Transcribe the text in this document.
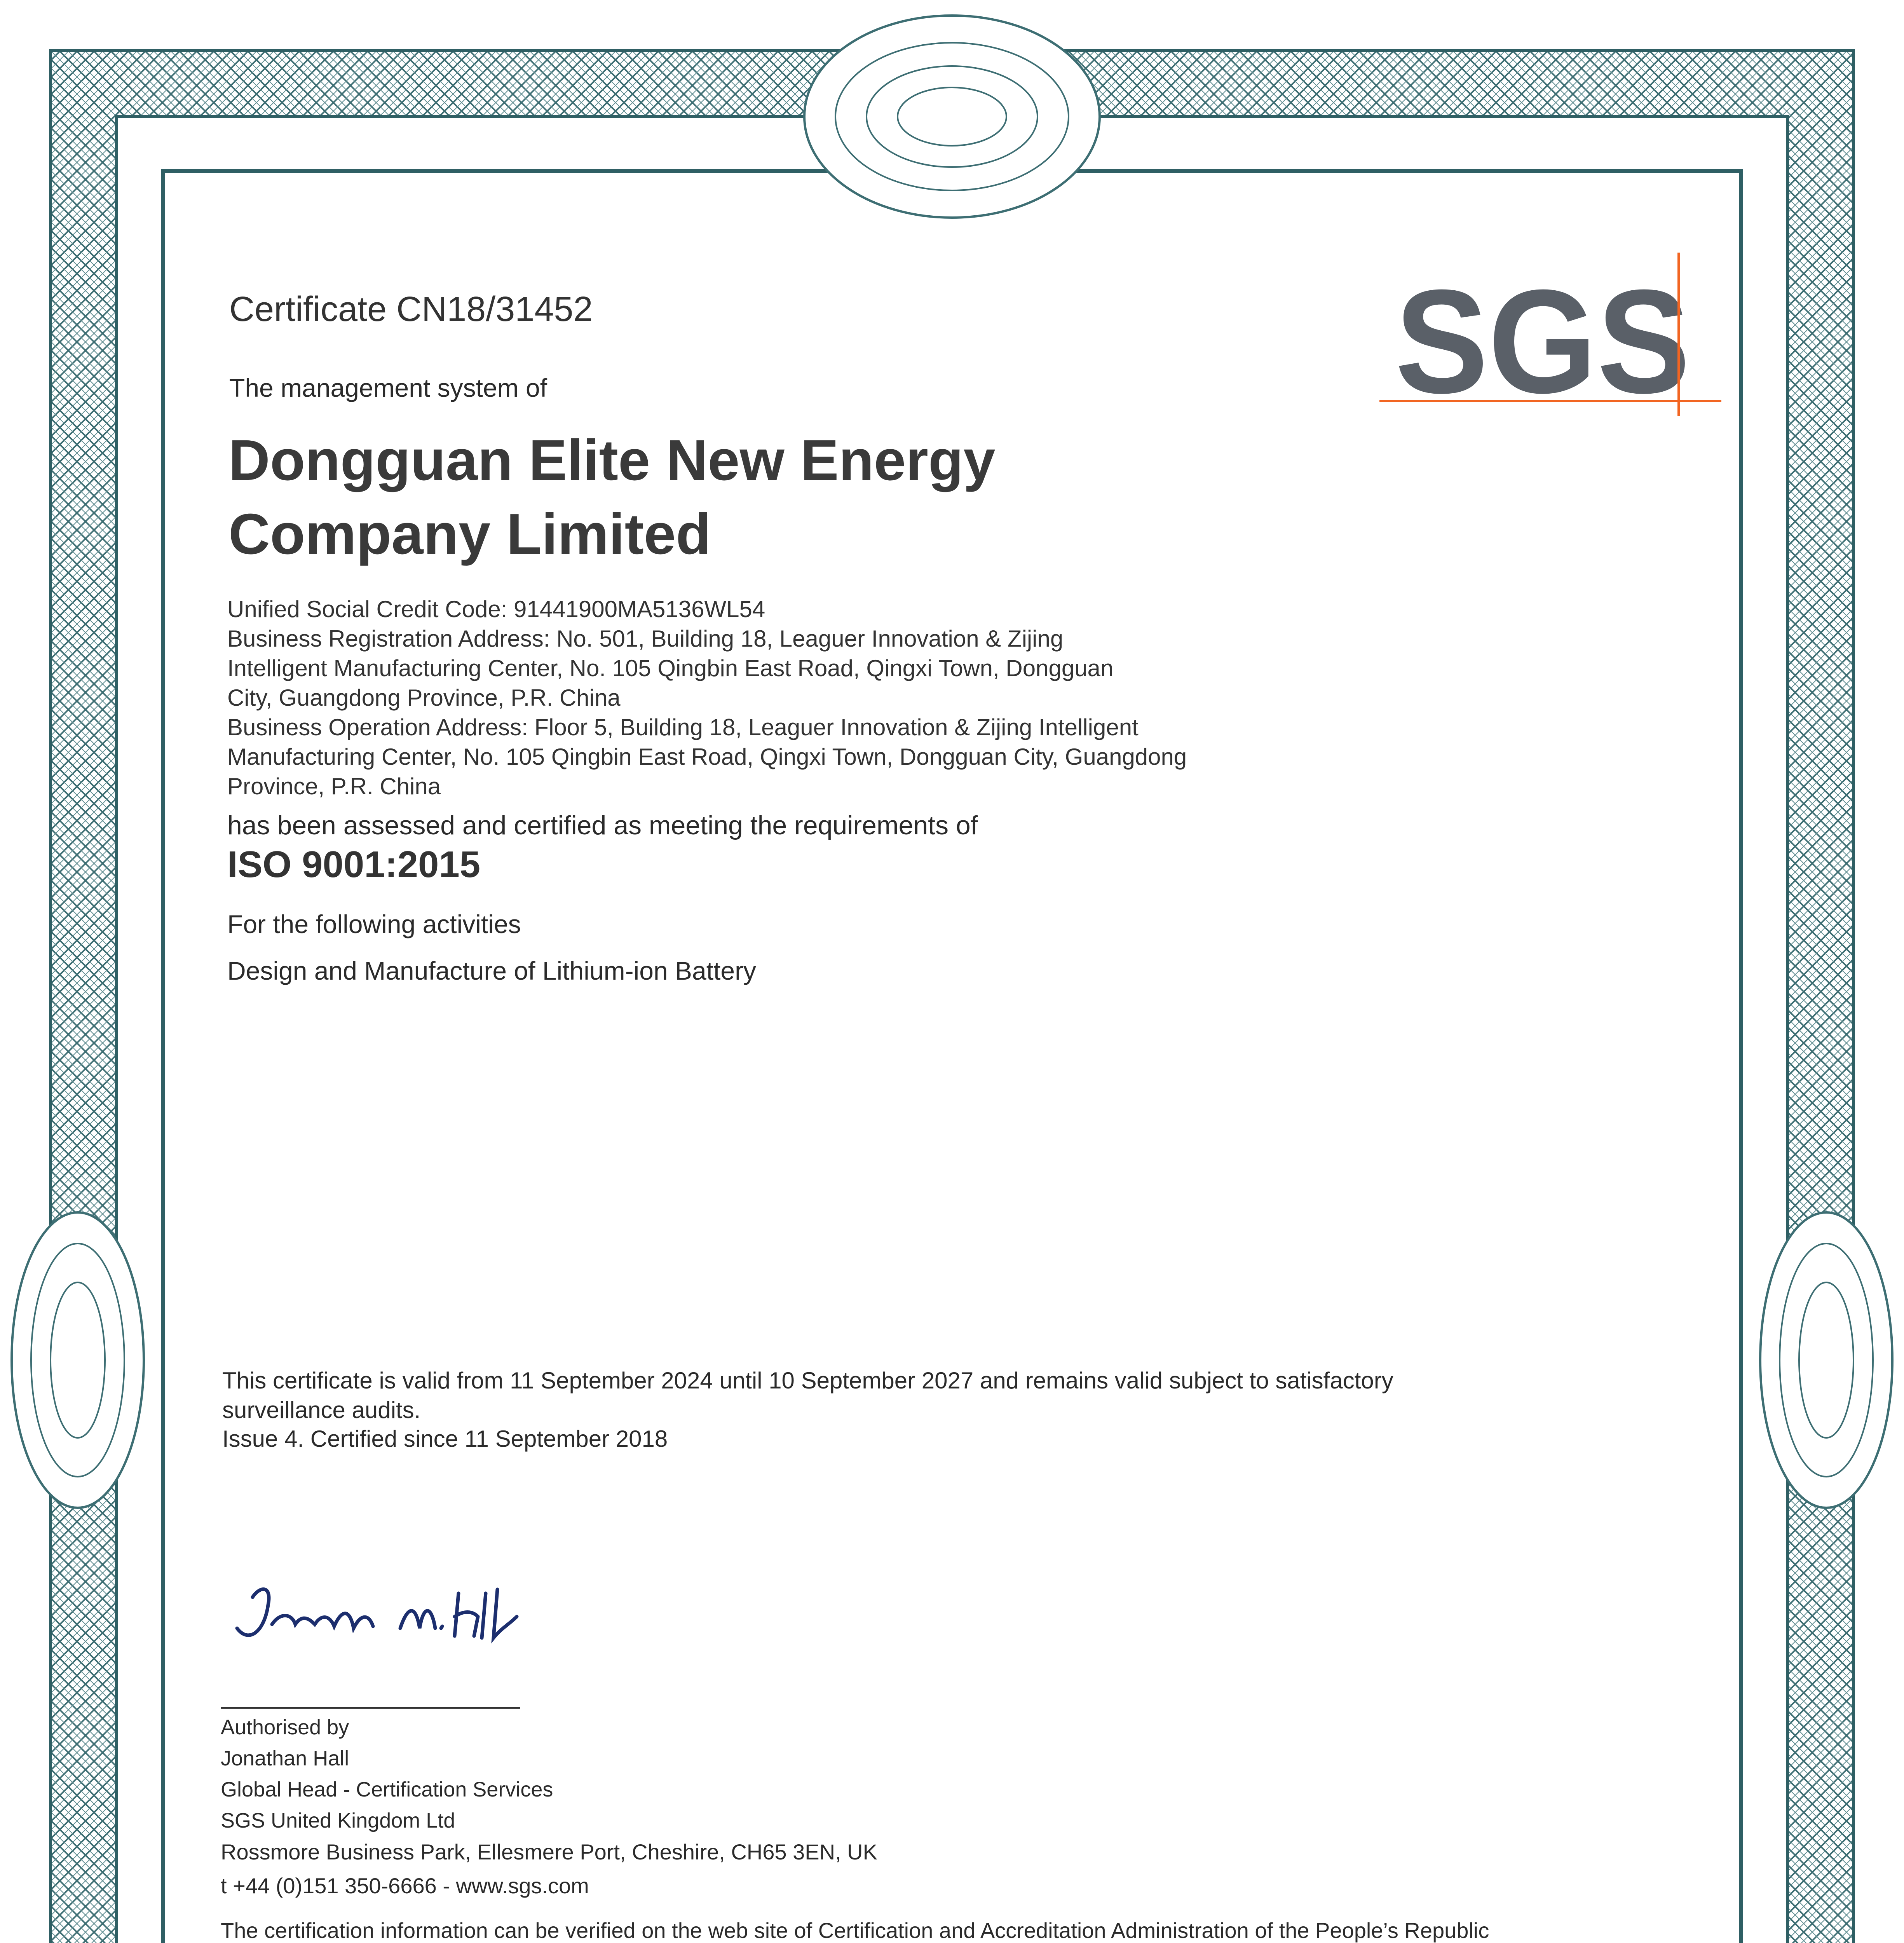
SGS
Certificate CN18/31452
The management system of
Dongguan Elite New Energy
Company Limited
Unified Social Credit Code: 91441900MA5136WL54
Business Registration Address: No. 501, Building 18, Leaguer Innovation & Zijing
Intelligent Manufacturing Center, No. 105 Qingbin East Road, Qingxi Town, Dongguan
City, Guangdong Province, P.R. China
Business Operation Address: Floor 5, Building 18, Leaguer Innovation & Zijing Intelligent
Manufacturing Center, No. 105 Qingbin East Road, Qingxi Town, Dongguan City, Guangdong
Province, P.R. China
has been assessed and certified as meeting the requirements of
ISO 9001:2015
For the following activities
Design and Manufacture of Lithium-ion Battery
This certificate is valid from 11 September 2024 until 10 September 2027 and remains valid subject to satisfactory
surveillance audits.
Issue 4. Certified since 11 September 2018
Authorised by
Jonathan Hall
Global Head - Certification Services
SGS United Kingdom Ltd
Rossmore Business Park, Ellesmere Port, Cheshire, CH65 3EN, UK
t +44 (0)151 350-6666 - www.sgs.com
The certification information can be verified on the web site of Certification and Accreditation Administration of the People’s Republic
